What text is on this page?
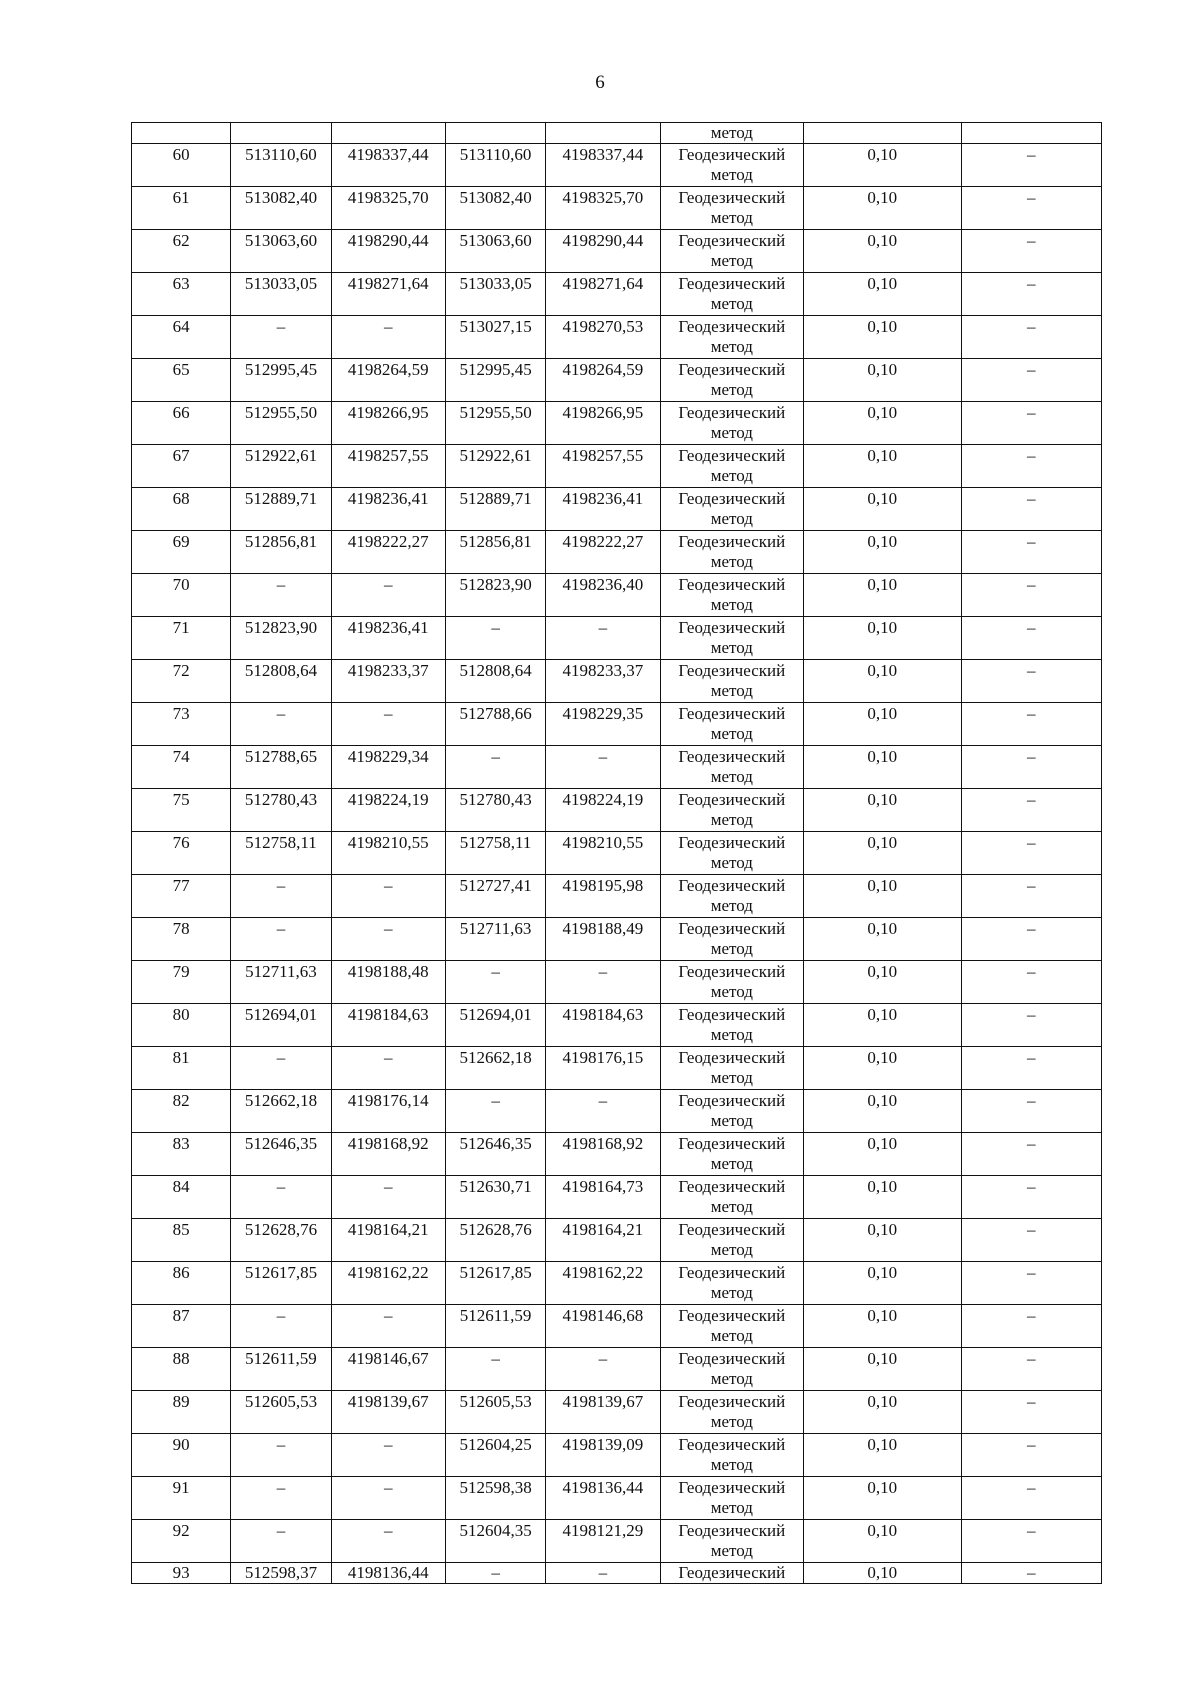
6
					метод		

60	513110,60	4198337,44	513110,60	4198337,44	Геодезический
метод	0,10	–

61	513082,40	4198325,70	513082,40	4198325,70	Геодезический
метод	0,10	–

62	513063,60	4198290,44	513063,60	4198290,44	Геодезический
метод	0,10	–

63	513033,05	4198271,64	513033,05	4198271,64	Геодезический
метод	0,10	–

64	–	–	513027,15	4198270,53	Геодезический
метод	0,10	–

65	512995,45	4198264,59	512995,45	4198264,59	Геодезический
метод	0,10	–

66	512955,50	4198266,95	512955,50	4198266,95	Геодезический
метод	0,10	–

67	512922,61	4198257,55	512922,61	4198257,55	Геодезический
метод	0,10	–

68	512889,71	4198236,41	512889,71	4198236,41	Геодезический
метод	0,10	–

69	512856,81	4198222,27	512856,81	4198222,27	Геодезический
метод	0,10	–

70	–	–	512823,90	4198236,40	Геодезический
метод	0,10	–

71	512823,90	4198236,41	–	–	Геодезический
метод	0,10	–

72	512808,64	4198233,37	512808,64	4198233,37	Геодезический
метод	0,10	–

73	–	–	512788,66	4198229,35	Геодезический
метод	0,10	–

74	512788,65	4198229,34	–	–	Геодезический
метод	0,10	–

75	512780,43	4198224,19	512780,43	4198224,19	Геодезический
метод	0,10	–

76	512758,11	4198210,55	512758,11	4198210,55	Геодезический
метод	0,10	–

77	–	–	512727,41	4198195,98	Геодезический
метод	0,10	–

78	–	–	512711,63	4198188,49	Геодезический
метод	0,10	–

79	512711,63	4198188,48	–	–	Геодезический
метод	0,10	–

80	512694,01	4198184,63	512694,01	4198184,63	Геодезический
метод	0,10	–

81	–	–	512662,18	4198176,15	Геодезический
метод	0,10	–

82	512662,18	4198176,14	–	–	Геодезический
метод	0,10	–

83	512646,35	4198168,92	512646,35	4198168,92	Геодезический
метод	0,10	–

84	–	–	512630,71	4198164,73	Геодезический
метод	0,10	–

85	512628,76	4198164,21	512628,76	4198164,21	Геодезический
метод	0,10	–

86	512617,85	4198162,22	512617,85	4198162,22	Геодезический
метод	0,10	–

87	–	–	512611,59	4198146,68	Геодезический
метод	0,10	–

88	512611,59	4198146,67	–	–	Геодезический
метод	0,10	–

89	512605,53	4198139,67	512605,53	4198139,67	Геодезический
метод	0,10	–

90	–	–	512604,25	4198139,09	Геодезический
метод	0,10	–

91	–	–	512598,38	4198136,44	Геодезический
метод	0,10	–

92	–	–	512604,35	4198121,29	Геодезический
метод	0,10	–

93	512598,37	4198136,44	–	–	Геодезический	0,10	–
